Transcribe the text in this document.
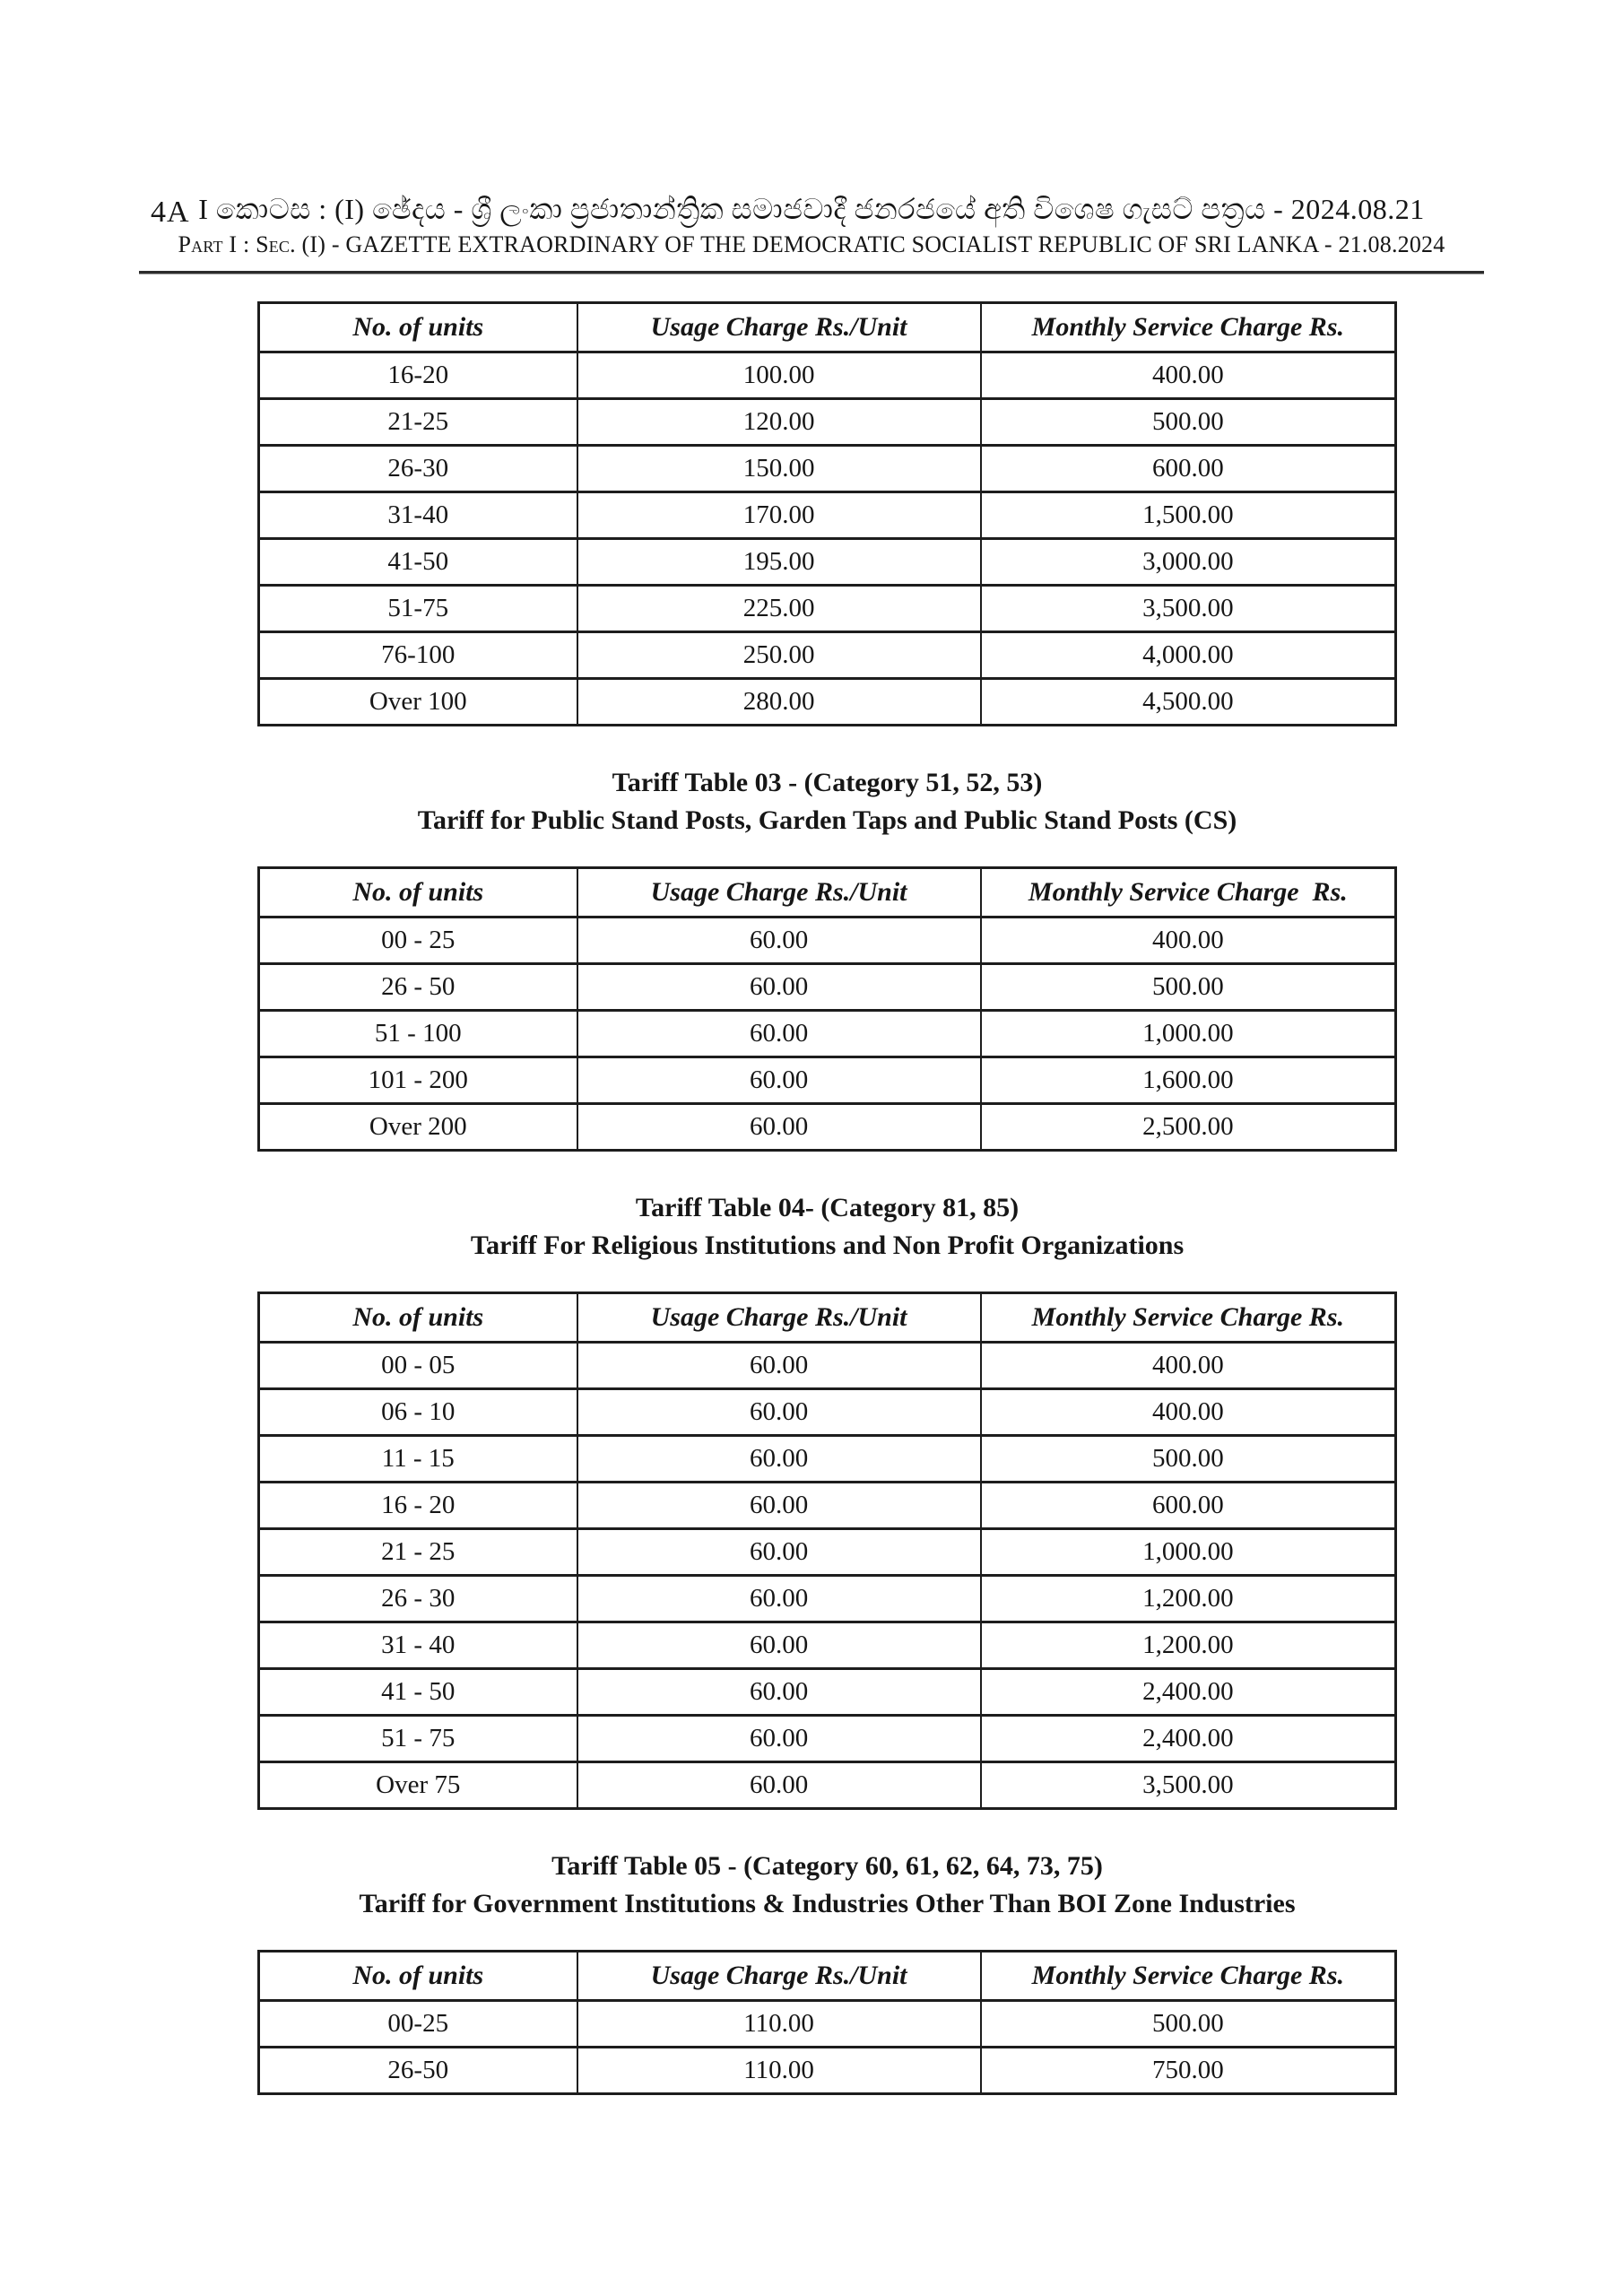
4A I කොටස : (I) ඡේදය - ශ්‍රී ලංකා ප්‍රජාතාන්ත්‍රික සමාජවාදී ජනරජයේ අති විශෙෂ ගැසට් පත්‍රය - 2024.08.21
Part I : Sec. (I) - GAZETTE EXTRAORDINARY OF THE DEMOCRATIC SOCIALIST REPUBLIC OF SRI LANKA - 21.08.2024
No. of units	Usage Charge Rs./Unit	Monthly Service Charge Rs.
16-20	100.00	400.00
21-25	120.00	500.00
26-30	150.00	600.00
31-40	170.00	1,500.00
41-50	195.00	3,000.00
51-75	225.00	3,500.00
76-100	250.00	4,000.00
Over 100	280.00	4,500.00
Tariff Table 03 - (Category 51, 52, 53)
Tariff for Public Stand Posts, Garden Taps and Public Stand Posts (CS)
No. of units	Usage Charge Rs./Unit	Monthly Service Charge  Rs.
00 - 25	60.00	400.00
26 - 50	60.00	500.00
51 - 100	60.00	1,000.00
101 - 200	60.00	1,600.00
Over 200	60.00	2,500.00
Tariff Table 04- (Category 81, 85)
Tariff For Religious Institutions and Non Profit Organizations
No. of units	Usage Charge Rs./Unit	Monthly Service Charge Rs.
00 - 05	60.00	400.00
06 - 10	60.00	400.00
11 - 15	60.00	500.00
16 - 20	60.00	600.00
21 - 25	60.00	1,000.00
26 - 30	60.00	1,200.00
31 - 40	60.00	1,200.00
41 - 50	60.00	2,400.00
51 - 75	60.00	2,400.00
Over 75	60.00	3,500.00
Tariff Table 05 - (Category 60, 61, 62, 64, 73, 75)
Tariff for Government Institutions & Industries Other Than BOI Zone Industries
No. of units	Usage Charge Rs./Unit	Monthly Service Charge Rs.
00-25	110.00	500.00
26-50	110.00	750.00
